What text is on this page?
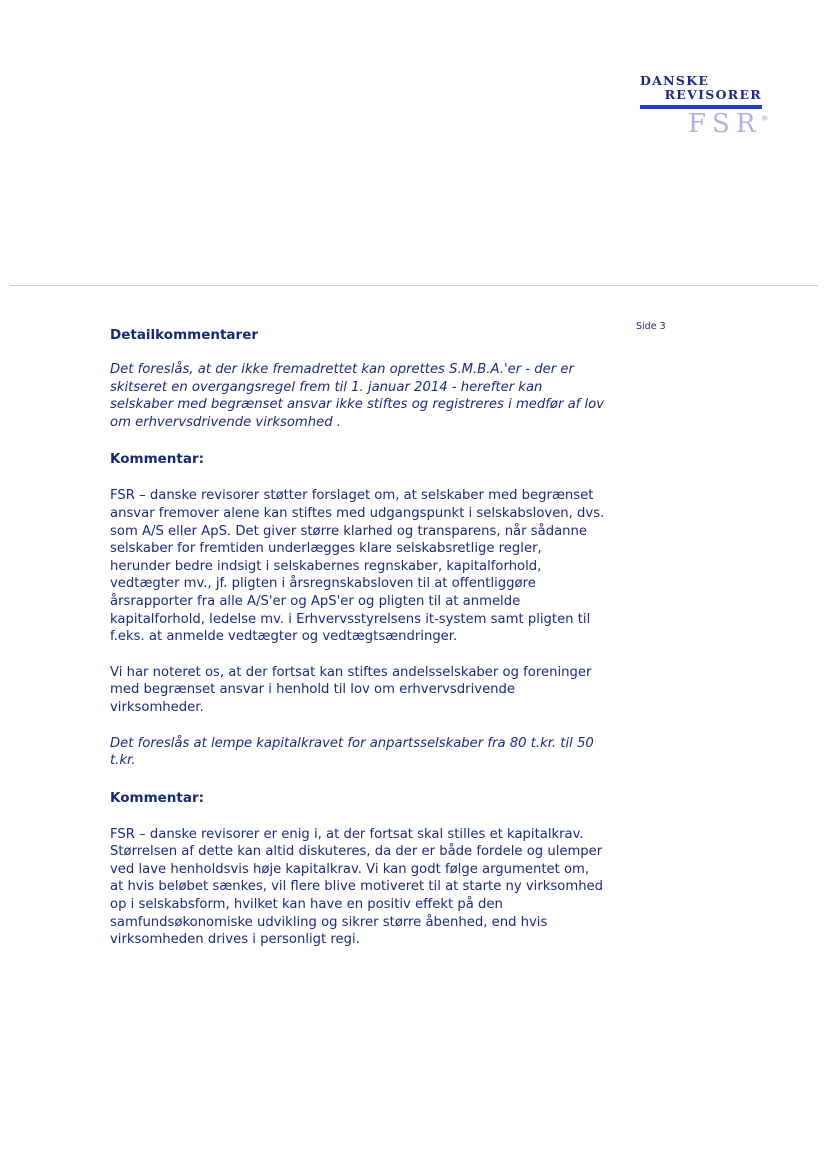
DANSKE
REVISORER
FSR*
Side 3

Detailkommentarer

Det foreslås, at der ikke fremadrettet kan oprettes S.M.B.A.'er - der er skitseret en overgangsregel frem til 1. januar 2014 - herefter kan selskaber med begrænset ansvar ikke stiftes og registreres i medfør af lov om erhvervsdrivende virksomhed .

Kommentar:

FSR – danske revisorer støtter forslaget om, at selskaber med begrænset ansvar fremover alene kan stiftes med udgangspunkt i selskabsloven, dvs. som A/S eller ApS. Det giver større klarhed og transparens, når sådanne selskaber for fremtiden underlægges klare selskabsretlige regler, herunder bedre indsigt i selskabernes regnskaber, kapitalforhold, vedtægter mv., jf. pligten i årsregnskabsloven til at offentliggøre årsrapporter fra alle A/S'er og ApS'er og pligten til at anmelde kapitalforhold, ledelse mv. i Erhvervsstyrelsens it-system samt pligten til f.eks. at anmelde vedtægter og vedtægtsændringer.

Vi har noteret os, at der fortsat kan stiftes andelsselskaber og foreninger med begrænset ansvar i henhold til lov om erhvervsdrivende virksomheder.

Det foreslås at lempe kapitalkravet for anpartsselskaber fra 80 t.kr. til 50 t.kr.

Kommentar:

FSR – danske revisorer er enig i, at der fortsat skal stilles et kapitalkrav. Størrelsen af dette kan altid diskuteres, da der er både fordele og ulemper ved lave henholdsvis høje kapitalkrav. Vi kan godt følge argumentet om, at hvis beløbet sænkes, vil flere blive motiveret til at starte ny virksomhed op i selskabsform, hvilket kan have en positiv effekt på den samfundsøkonomiske udvikling og sikrer større åbenhed, end hvis virksomheden drives i personligt regi.
